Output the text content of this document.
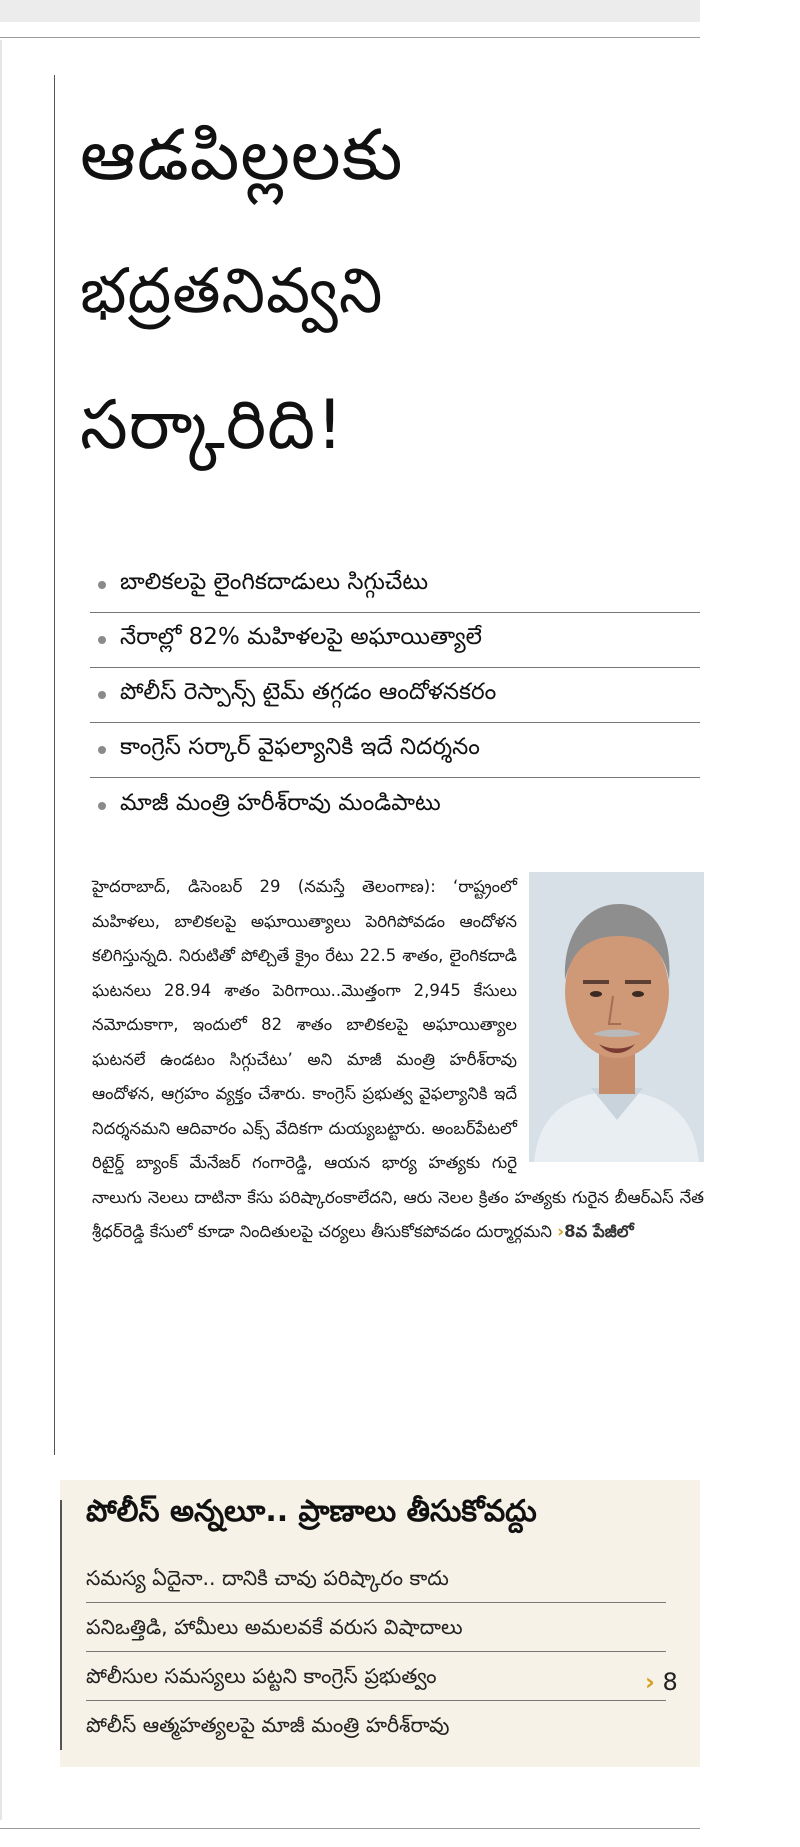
ఆడపిల్లలకు
భద్రతనివ్వని
సర్కారిది!
బాలికలపై లైంగికదాడులు సిగ్గుచేటు
నేరాల్లో 82% మహిళలపై అఘాయిత్యాలే
పోలీస్ రెస్పాన్స్ టైమ్ తగ్గడం ఆందోళనకరం
కాంగ్రెస్ సర్కార్ వైఫల్యానికి ఇదే నిదర్శనం
మాజీ మంత్రి హరీశ్‌రావు మండిపాటు
హైదరాబాద్, డిసెంబర్ 29 (నమస్తే తెలంగాణ): ‘రాష్ట్రంలో మహిళలు, బాలికలపై అఘాయిత్యాలు పెరిగిపోవడం ఆందోళన కలిగిస్తున్నది. నిరుటితో పోల్చితే క్రైం రేటు 22.5 శాతం, లైంగికదాడి ఘటనలు 28.94 శాతం పెరిగాయి..మొత్తంగా 2,945 కేసులు నమోదుకాగా, ఇందులో 82 శాతం బాలికలపై అఘాయిత్యాల ఘటనలే ఉండటం సిగ్గుచేటు’ అని మాజీ మంత్రి హరీశ్‌రావు ఆందోళన, ఆగ్రహం వ్యక్తం చేశారు. కాంగ్రెస్ ప్రభుత్వ వైఫల్యానికి ఇదే నిదర్శనమని ఆదివారం ఎక్స్ వేదికగా దుయ్యబట్టారు. అంబర్‌పేటలో రిటైర్డ్ బ్యాంక్ మేనేజర్ గంగారెడ్డి, ఆయన భార్య హత్యకు గురై నాలుగు నెలలు దాటినా కేసు పరిష్కారంకాలేదని, ఆరు నెలల క్రితం హత్యకు గురైన బీఆర్‌ఎస్ నేత శ్రీధర్‌రెడ్డి కేసులో కూడా నిందితులపై చర్యలు తీసుకోకపోవడం దుర్మార్గమని ›8వ పేజీలో
పోలీస్ అన్నలూ.. ప్రాణాలు తీసుకోవద్దు
సమస్య ఏదైనా.. దానికి చావు పరిష్కారం కాదు
పనిఒత్తిడి, హామీలు అమలవకే వరుస విషాదాలు
పోలీసుల సమస్యలు పట్టని కాంగ్రెస్ ప్రభుత్వం
పోలీస్ ఆత్మహత్యలపై మాజీ మంత్రి హరీశ్‌రావు
› 8
